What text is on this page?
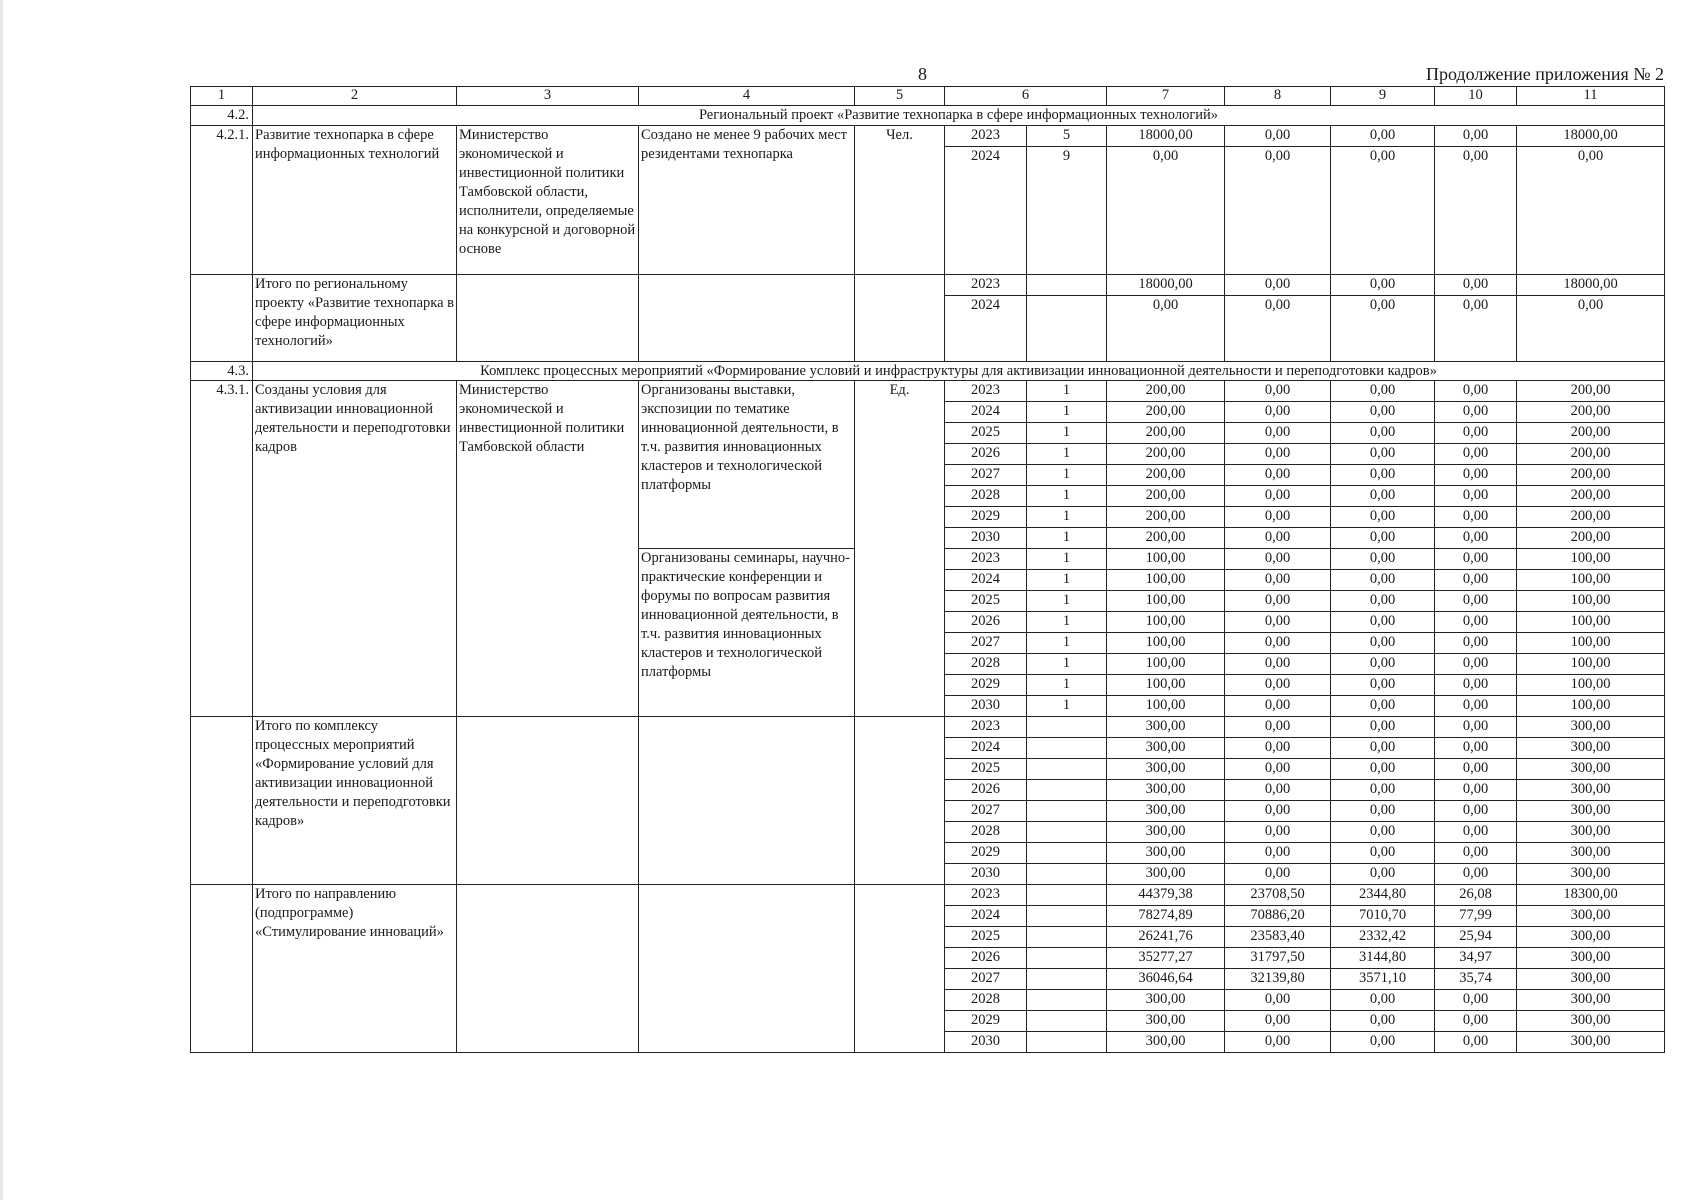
8	Продолжение приложения № 2
1	2	3	4	5	6		7	8	9	10	11
4.2.	Региональный проект «Развитие технопарка в сфере информационных технологий»										
4.2.1.	Развитие технопарка в сфере информационных технологий	Министерство экономической и инвестиционной политики Тамбовской области, исполнители, определяемые на конкурсной и договорной основе	Создано не менее 9 рабочих мест резидентами технопарка	Чел.	2023	5	18000,00	0,00	0,00	0,00	18000,00
					2024	9	0,00	0,00	0,00	0,00	0,00
	Итого по региональному проекту «Развитие технопарка в сфере информационных технологий»				2023		18000,00	0,00	0,00	0,00	18000,00
					2024		0,00	0,00	0,00	0,00	0,00
4.3.	Комплекс процессных мероприятий «Формирование условий и инфраструктуры для активизации инновационной деятельности и переподготовки кадров»										
4.3.1.	Созданы условия для активизации инновационной деятельности и переподготовки кадров	Министерство экономической и инвестиционной политики Тамбовской области	Организованы выставки, экспозиции по тематике инновационной деятельности, в т.ч. развития инновационных кластеров и технологической платформы	Ед.	2023	1	200,00	0,00	0,00	0,00	200,00
					2024	1	200,00	0,00	0,00	0,00	200,00
					2025	1	200,00	0,00	0,00	0,00	200,00
					2026	1	200,00	0,00	0,00	0,00	200,00
					2027	1	200,00	0,00	0,00	0,00	200,00
					2028	1	200,00	0,00	0,00	0,00	200,00
					2029	1	200,00	0,00	0,00	0,00	200,00
					2030	1	200,00	0,00	0,00	0,00	200,00
			Организованы семинары, научно-практические конференции и форумы по вопросам развития инновационной деятельности, в т.ч. развития инновационных кластеров и технологической платформы		2023	1	100,00	0,00	0,00	0,00	100,00
					2024	1	100,00	0,00	0,00	0,00	100,00
					2025	1	100,00	0,00	0,00	0,00	100,00
					2026	1	100,00	0,00	0,00	0,00	100,00
					2027	1	100,00	0,00	0,00	0,00	100,00
					2028	1	100,00	0,00	0,00	0,00	100,00
					2029	1	100,00	0,00	0,00	0,00	100,00
					2030	1	100,00	0,00	0,00	0,00	100,00
	Итого по комплексу процессных мероприятий «Формирование условий для активизации инновационной деятельности и переподготовки кадров»				2023		300,00	0,00	0,00	0,00	300,00
					2024		300,00	0,00	0,00	0,00	300,00
					2025		300,00	0,00	0,00	0,00	300,00
					2026		300,00	0,00	0,00	0,00	300,00
					2027		300,00	0,00	0,00	0,00	300,00
					2028		300,00	0,00	0,00	0,00	300,00
					2029		300,00	0,00	0,00	0,00	300,00
					2030		300,00	0,00	0,00	0,00	300,00
	Итого по направлению (подпрограмме) «Стимулирование инноваций»				2023		44379,38	23708,50	2344,80	26,08	18300,00
					2024		78274,89	70886,20	7010,70	77,99	300,00
					2025		26241,76	23583,40	2332,42	25,94	300,00
					2026		35277,27	31797,50	3144,80	34,97	300,00
					2027		36046,64	32139,80	3571,10	35,74	300,00
					2028		300,00	0,00	0,00	0,00	300,00
					2029		300,00	0,00	0,00	0,00	300,00
					2030		300,00	0,00	0,00	0,00	300,00
